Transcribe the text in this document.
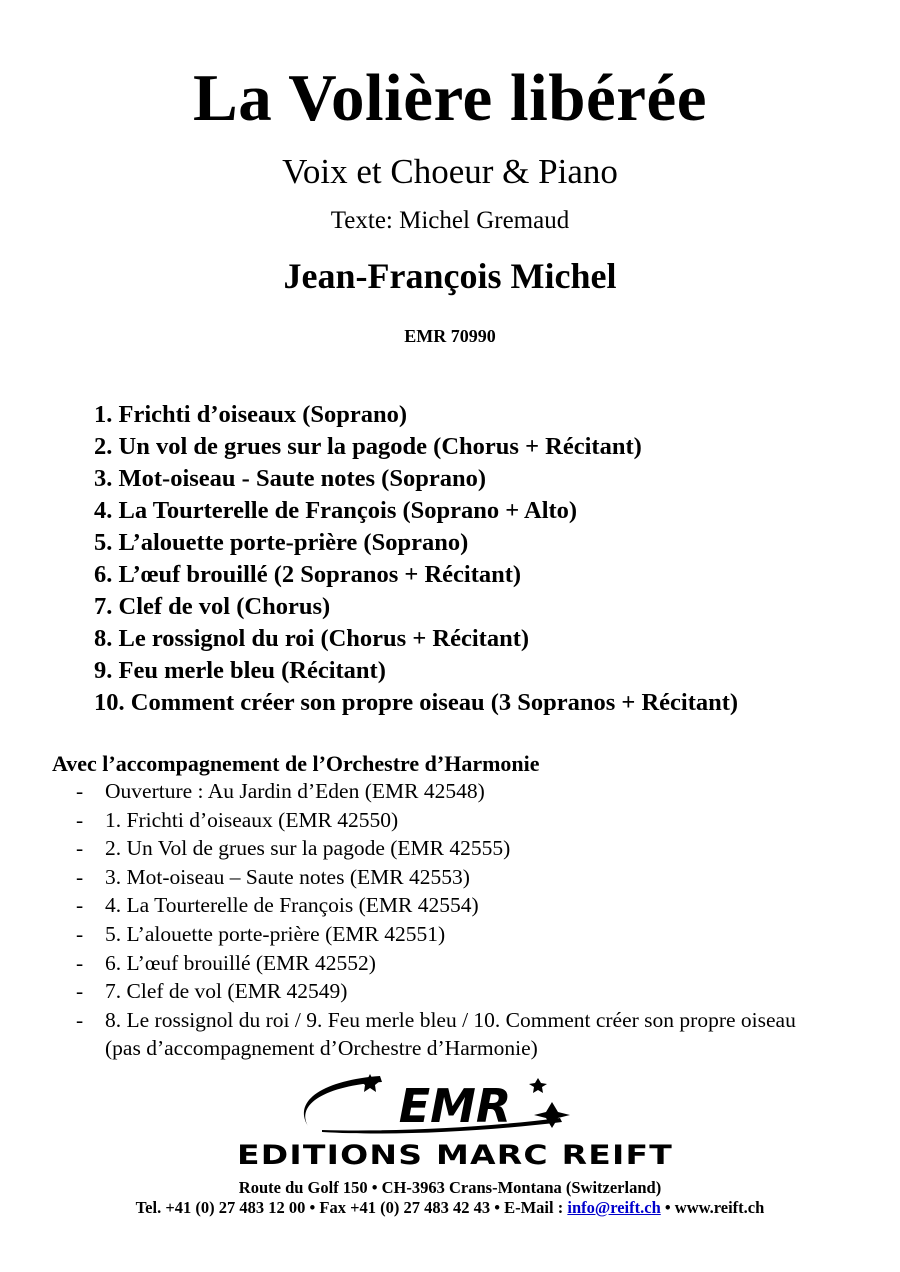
La Volière libérée
Voix et Choeur & Piano
Texte: Michel Gremaud
Jean-François Michel
EMR 70990
1. Frichti d’oiseaux (Soprano)
2. Un vol de grues sur la pagode (Chorus + Récitant)
3. Mot-oiseau - Saute notes (Soprano)
4. La Tourterelle de François (Soprano + Alto)
5. L’alouette porte-prière (Soprano)
6. L’œuf brouillé (2 Sopranos + Récitant)
7. Clef de vol (Chorus)
8. Le rossignol du roi (Chorus + Récitant)
9. Feu merle bleu (Récitant)
10. Comment créer son propre oiseau (3 Sopranos + Récitant)
Avec l’accompagnement de l’Orchestre d’Harmonie
- Ouverture : Au Jardin d’Eden (EMR 42548)
- 1. Frichti d’oiseaux (EMR 42550)
- 2. Un Vol de grues sur la pagode (EMR 42555)
- 3. Mot-oiseau – Saute notes (EMR 42553)
- 4. La Tourterelle de François (EMR 42554)
- 5. L’alouette porte-prière (EMR 42551)
- 6. L’œuf brouillé (EMR 42552)
- 7. Clef de vol (EMR 42549)
- 8. Le rossignol du roi / 9. Feu merle bleu / 10. Comment créer son propre oiseau (pas d’accompagnement d’Orchestre d’Harmonie)
EMR
EDITIONS MARC REIFT
Route du Golf 150 • CH-3963 Crans-Montana (Switzerland)
Tel. +41 (0) 27 483 12 00 • Fax +41 (0) 27 483 42 43 • E-Mail : info@reift.ch • www.reift.ch
